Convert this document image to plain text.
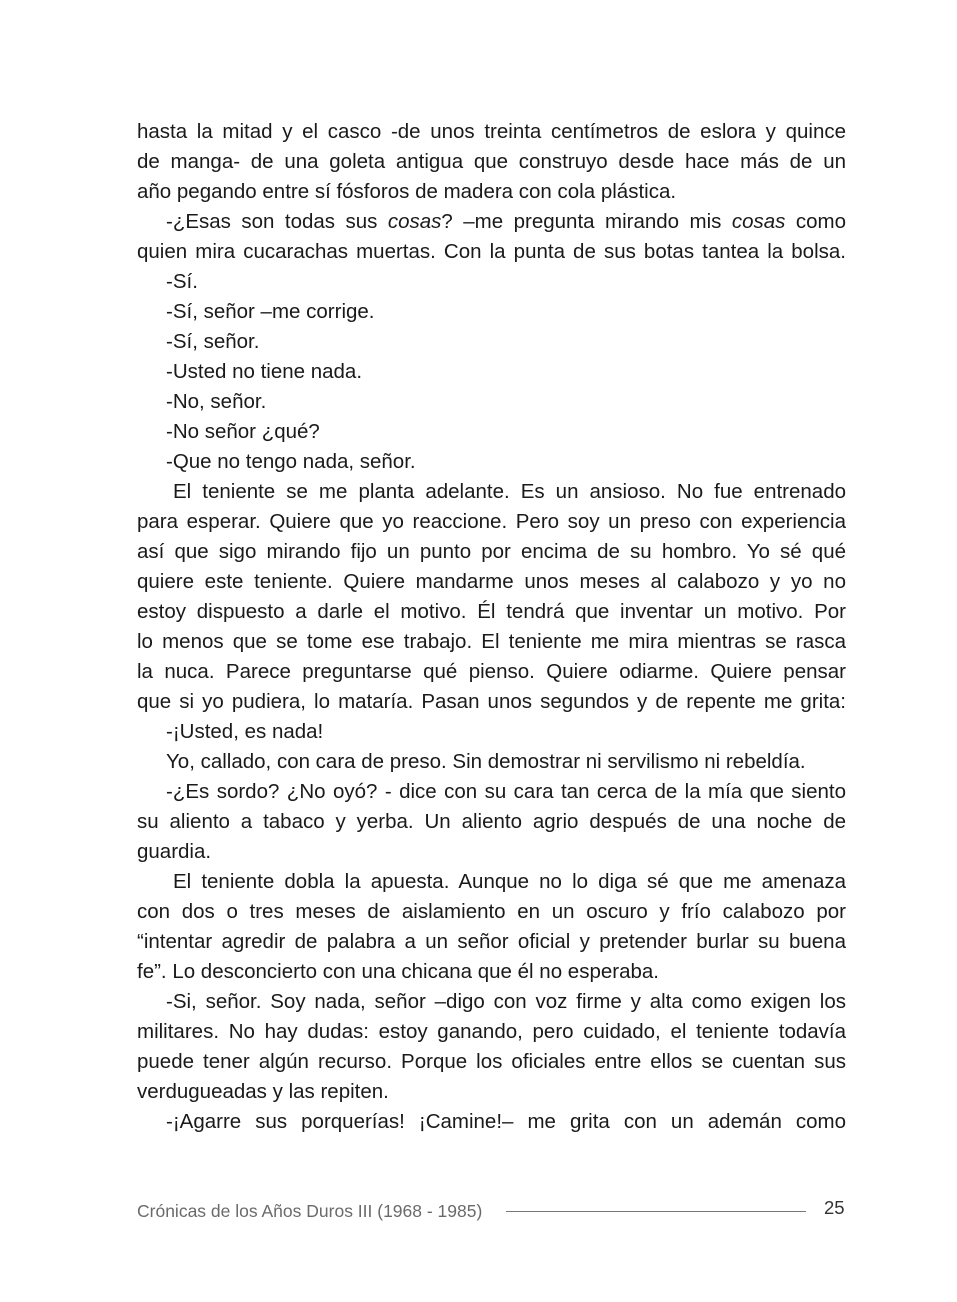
hasta la mitad y el casco -de unos treinta centímetros de eslora y quince
de manga- de una goleta antigua que construyo desde hace más de un
año pegando entre sí fósforos de madera con cola plástica.
-¿Esas son todas sus cosas? –me pregunta mirando mis cosas como
quien mira cucarachas muertas. Con la punta de sus botas tantea la bolsa.
-Sí.
-Sí, señor –me corrige.
-Sí, señor.
-Usted no tiene nada.
-No, señor.
-No señor ¿qué?
-Que no tengo nada, señor.
El teniente se me planta adelante. Es un ansioso. No fue entrenado
para esperar. Quiere que yo reaccione. Pero soy un preso con experiencia
así que sigo mirando fijo un punto por encima de su hombro. Yo sé qué
quiere este teniente. Quiere mandarme unos meses al calabozo y yo no
estoy dispuesto a darle el motivo. Él tendrá que inventar un motivo. Por
lo menos que se tome ese trabajo. El teniente me mira mientras se rasca
la nuca. Parece preguntarse qué pienso. Quiere odiarme. Quiere pensar
que si yo pudiera, lo mataría. Pasan unos segundos y de repente me grita:
-¡Usted, es nada!
Yo, callado, con cara de preso. Sin demostrar ni servilismo ni rebeldía.
-¿Es sordo? ¿No oyó? - dice con su cara tan cerca de la mía que siento
su aliento a tabaco y yerba. Un aliento agrio después de una noche de
guardia.
El teniente dobla la apuesta. Aunque no lo diga sé que me amenaza
con dos o tres meses de aislamiento en un oscuro y frío calabozo por
“intentar agredir de palabra a un señor oficial y pretender burlar su buena
fe”. Lo desconcierto con una chicana que él no esperaba.
-Si, señor. Soy nada, señor –digo con voz firme y alta como exigen los
militares. No hay dudas: estoy ganando, pero cuidado, el teniente todavía
puede tener algún recurso. Porque los oficiales entre ellos se cuentan sus
verdugueadas y las repiten.
-¡Agarre sus porquerías! ¡Camine!– me grita con un ademán como
Crónicas de los Años Duros III (1968 - 1985)	25
